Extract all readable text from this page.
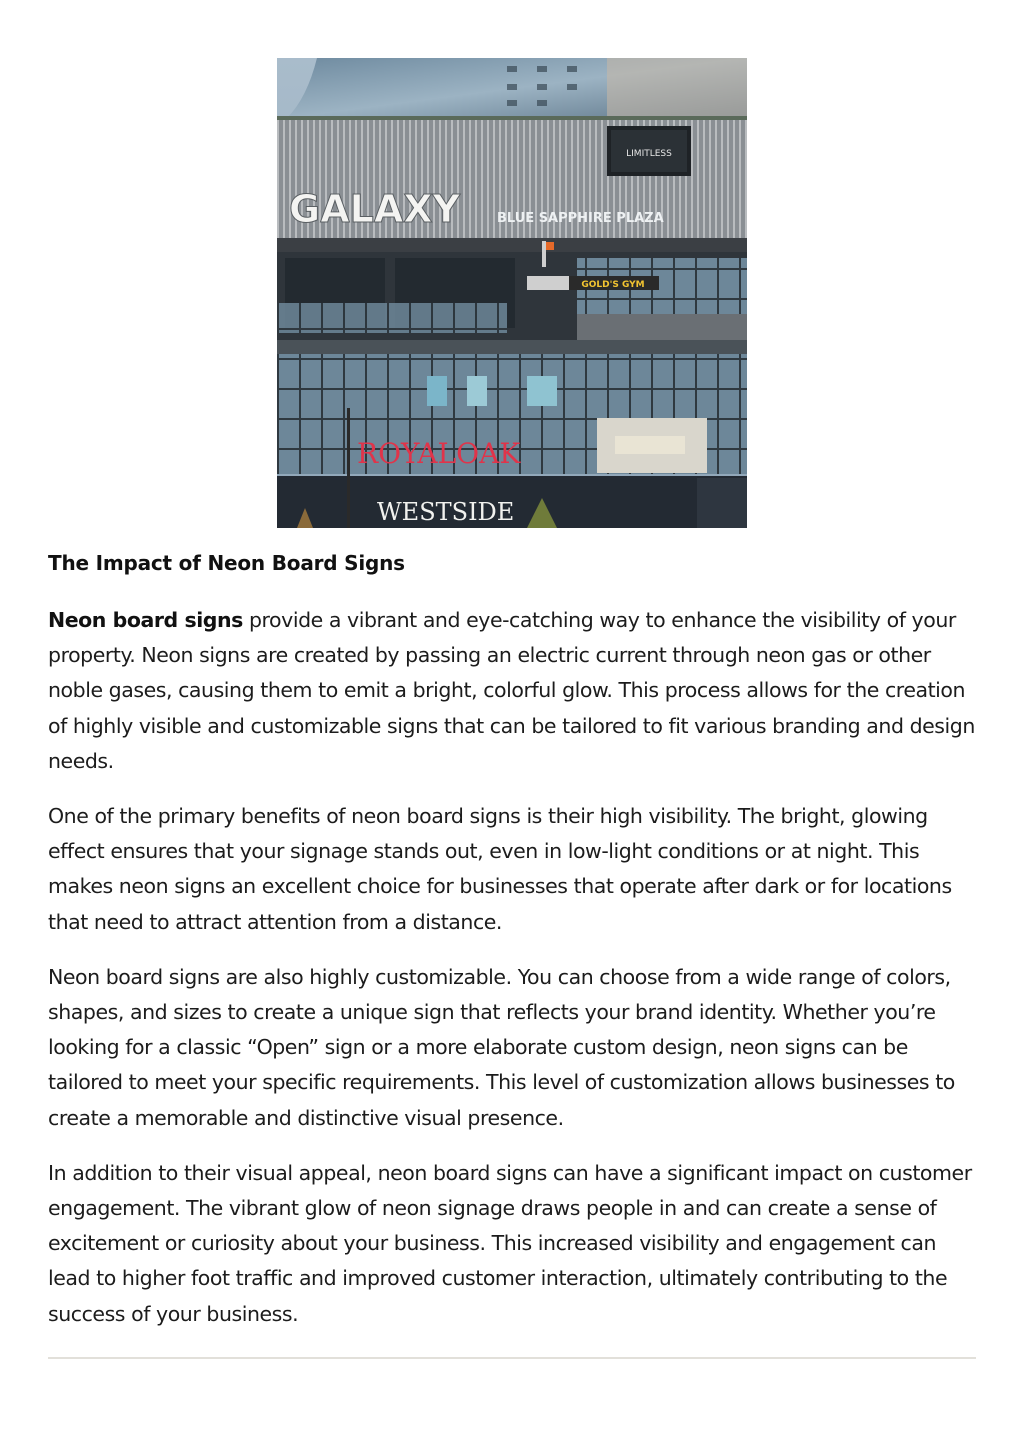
LIMITLESS
GALAXY	BLUE SAPPHIRE PLAZA
GOLD'S GYM
ROYALOAK
WESTSIDE
The Impact of Neon Board Signs

Neon board signs provide a vibrant and eye-catching way to enhance the visibility of your property. Neon signs are created by passing an electric current through neon gas or other noble gases, causing them to emit a bright, colorful glow. This process allows for the creation of highly visible and customizable signs that can be tailored to fit various branding and design needs.

One of the primary benefits of neon board signs is their high visibility. The bright, glowing effect ensures that your signage stands out, even in low-light conditions or at night. This makes neon signs an excellent choice for businesses that operate after dark or for locations that need to attract attention from a distance.

Neon board signs are also highly customizable. You can choose from a wide range of colors, shapes, and sizes to create a unique sign that reflects your brand identity. Whether you’re looking for a classic “Open” sign or a more elaborate custom design, neon signs can be tailored to meet your specific requirements. This level of customization allows businesses to create a memorable and distinctive visual presence.

In addition to their visual appeal, neon board signs can have a significant impact on customer engagement. The vibrant glow of neon signage draws people in and can create a sense of excitement or curiosity about your business. This increased visibility and engagement can lead to higher foot traffic and improved customer interaction, ultimately contributing to the success of your business.
